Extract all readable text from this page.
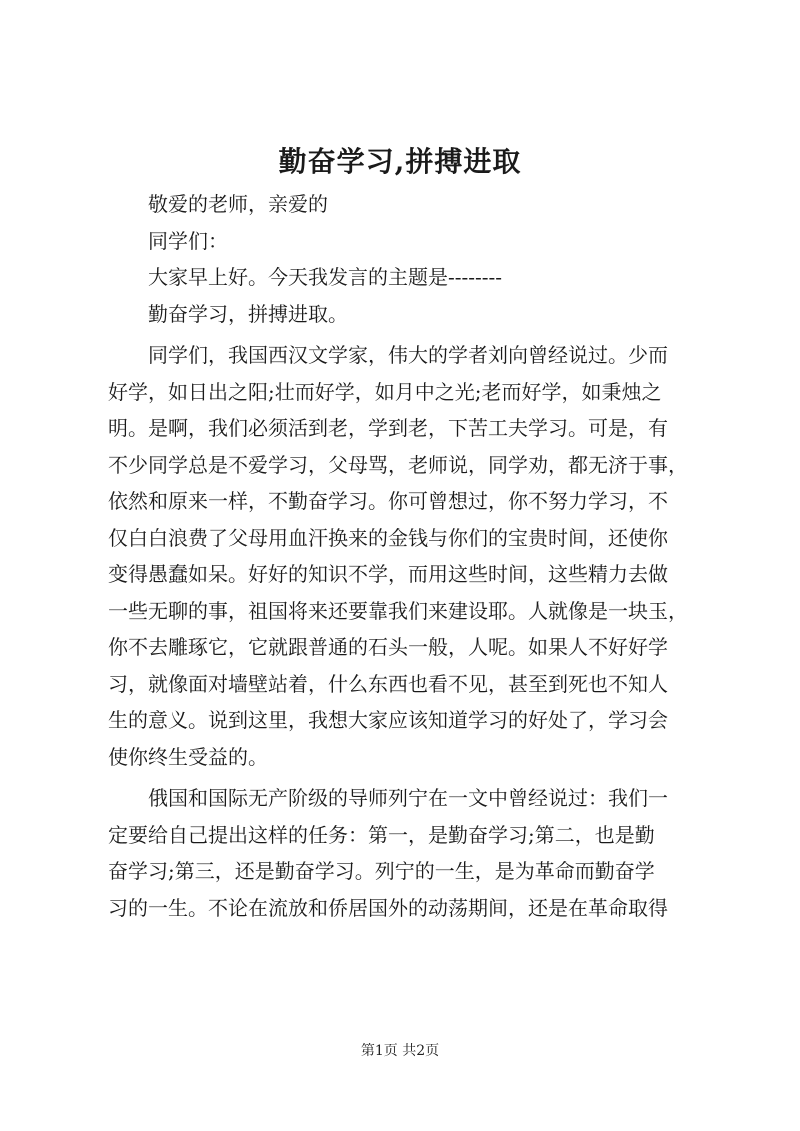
勤奋学习,拼搏进取
敬爱的老师，亲爱的
同学们：
大家早上好。今天我发言的主题是--------
勤奋学习，拼搏进取。
同学们，我国西汉文学家，伟大的学者刘向曾经说过。少而
好学，如日出之阳;壮而好学，如月中之光;老而好学，如秉烛之
明。是啊，我们必须活到老，学到老，下苦工夫学习。可是，有
不少同学总是不爱学习，父母骂，老师说，同学劝，都无济于事，
依然和原来一样，不勤奋学习。你可曾想过，你不努力学习，不
仅白白浪费了父母用血汗换来的金钱与你们的宝贵时间，还使你
变得愚蠢如呆。好好的知识不学，而用这些时间，这些精力去做
一些无聊的事，祖国将来还要靠我们来建设耶。人就像是一块玉，
你不去雕琢它，它就跟普通的石头一般，人呢。如果人不好好学
习，就像面对墙壁站着，什么东西也看不见，甚至到死也不知人
生的意义。说到这里，我想大家应该知道学习的好处了，学习会
使你终生受益的。
俄国和国际无产阶级的导师列宁在一文中曾经说过：我们一
定要给自己提出这样的任务：第一，是勤奋学习;第二，也是勤
奋学习;第三，还是勤奋学习。列宁的一生，是为革命而勤奋学
习的一生。不论在流放和侨居国外的动荡期间，还是在革命取得
第1页 共2页
